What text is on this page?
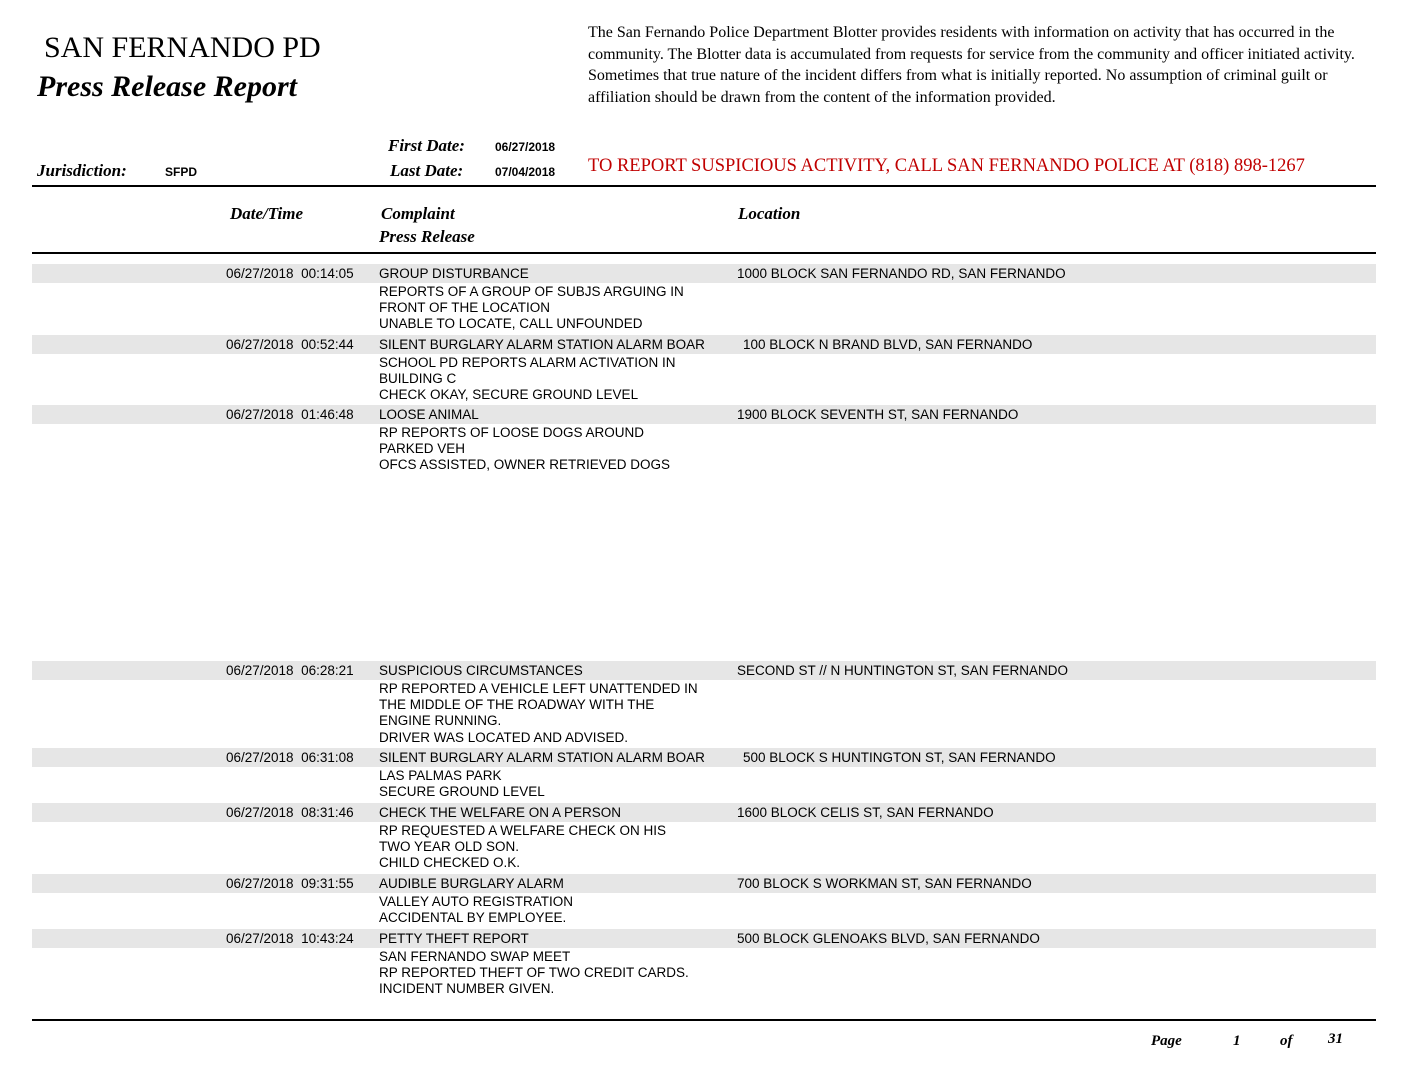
SAN FERNANDO PD
Press Release Report
The San Fernando Police Department Blotter provides residents with information on activity that has occurred in the community. The Blotter data is accumulated from requests for service from the community and officer initiated activity. Sometimes that true nature of the incident differs from what is initially reported. No assumption of criminal guilt or affiliation should be drawn from the content of the information provided.
First Date:	06/27/2018
Jurisdiction:	SFPD	Last Date:	07/04/2018 TO REPORT SUSPICIOUS ACTIVITY, CALL SAN FERNANDO POLICE AT (818) 898-1267
Date/Time	Complaint
Press Release
Location
06/27/2018 00:14:05 GROUP DISTURBANCE	1000 BLOCK SAN FERNANDO RD, SAN FERNANDO
REPORTS OF A GROUP OF SUBJS ARGUING IN
FRONT OF THE LOCATION
UNABLE TO LOCATE, CALL UNFOUNDED
06/27/2018 00:52:44 SILENT BURGLARY ALARM STATION ALARM BOAR	100 BLOCK N BRAND BLVD, SAN FERNANDO
SCHOOL PD REPORTS ALARM ACTIVATION IN
BUILDING C
CHECK OKAY, SECURE GROUND LEVEL
06/27/2018 01:46:48 LOOSE ANIMAL	1900 BLOCK SEVENTH ST, SAN FERNANDO
RP REPORTS OF LOOSE DOGS AROUND
PARKED VEH
OFCS ASSISTED, OWNER RETRIEVED DOGS
06/27/2018 06:28:21 SUSPICIOUS CIRCUMSTANCES	SECOND ST // N HUNTINGTON ST, SAN FERNANDO
RP REPORTED A VEHICLE LEFT UNATTENDED IN
THE MIDDLE OF THE ROADWAY WITH THE
ENGINE RUNNING.
DRIVER WAS LOCATED AND ADVISED.
06/27/2018 06:31:08 SILENT BURGLARY ALARM STATION ALARM BOAR	500 BLOCK S HUNTINGTON ST, SAN FERNANDO
LAS PALMAS PARK
SECURE GROUND LEVEL
06/27/2018 08:31:46 CHECK THE WELFARE ON A PERSON	1600 BLOCK CELIS ST, SAN FERNANDO
RP REQUESTED A WELFARE CHECK ON HIS
TWO YEAR OLD SON.
CHILD CHECKED O.K.
06/27/2018 09:31:55 AUDIBLE BURGLARY ALARM	700 BLOCK S WORKMAN ST, SAN FERNANDO
VALLEY AUTO REGISTRATION
ACCIDENTAL BY EMPLOYEE.
06/27/2018 10:43:24 PETTY THEFT REPORT	500 BLOCK GLENOAKS BLVD, SAN FERNANDO
SAN FERNANDO SWAP MEET
RP REPORTED THEFT OF TWO CREDIT CARDS.
INCIDENT NUMBER GIVEN.
Page	1	of 31
